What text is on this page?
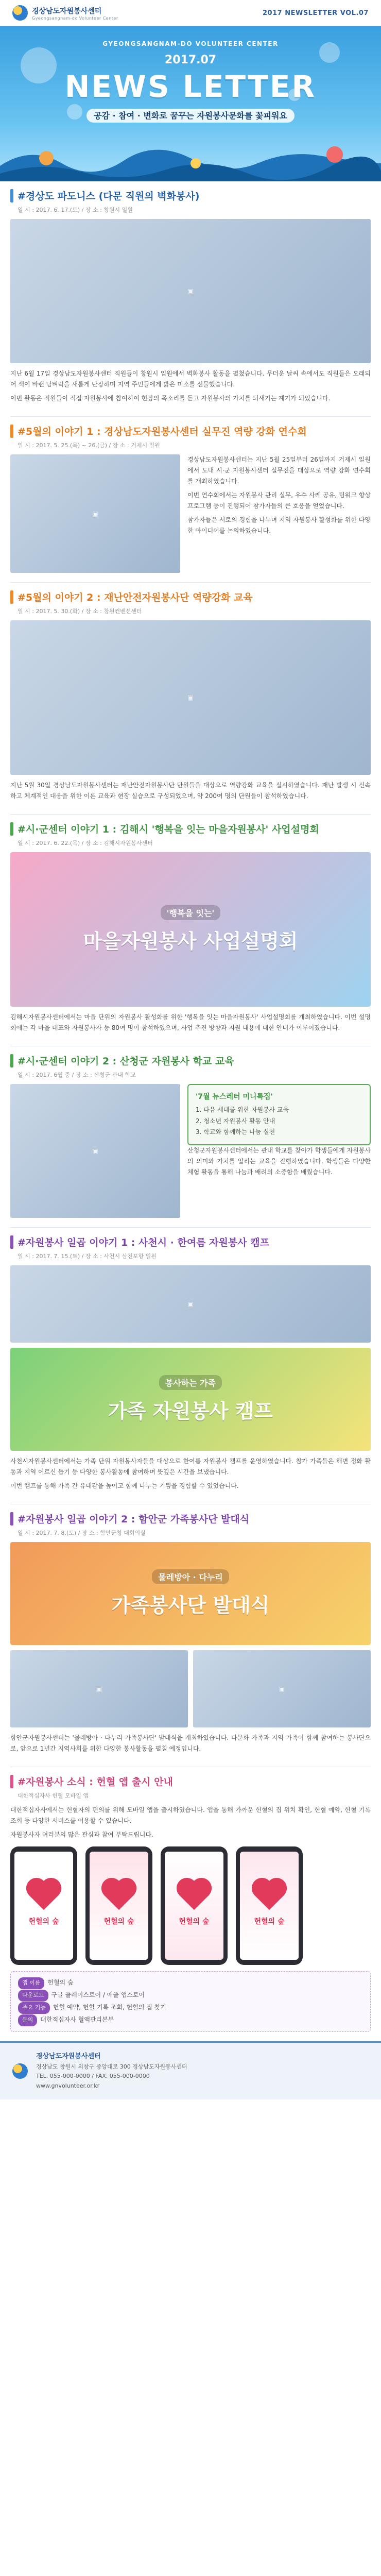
경상남도자원봉사센터
Gyeongsangnam-do Volunteer Center
2017 NEWSLETTER VOL.07
GYEONGSANGNAM-DO VOLUNTEER CENTER
2017.07
NEWS LETTER
공감 · 참여 · 변화로 꿈꾸는 자원봉사문화를 꽃피워요
#경상도 파도니스 (다문 직원의 벽화봉사)
일 시 : 2017. 6. 17.(토) / 장 소 : 창원시 일원
▣

지난 6월 17일 경상남도자원봉사센터 직원들이 창원시 일원에서 벽화봉사 활동을 펼쳤습니다. 무더운 날씨 속에서도 직원들은 오래되어 색이 바랜 담벼락을 새롭게 단장하며 지역 주민들에게 밝은 미소를 선물했습니다.

이번 활동은 직원들이 직접 자원봉사에 참여하여 현장의 목소리를 듣고 자원봉사의 가치를 되새기는 계기가 되었습니다.

#5월의 이야기 1 : 경상남도자원봉사센터 실무진 역량 강화 연수회
일 시 : 2017. 5. 25.(목) ~ 26.(금) / 장 소 : 거제시 일원
▣

경상남도자원봉사센터는 지난 5월 25일부터 26일까지 거제시 일원에서 도내 시·군 자원봉사센터 실무진을 대상으로 역량 강화 연수회를 개최하였습니다.

이번 연수회에서는 자원봉사 관리 실무, 우수 사례 공유, 팀워크 향상 프로그램 등이 진행되어 참가자들의 큰 호응을 얻었습니다.

참가자들은 서로의 경험을 나누며 지역 자원봉사 활성화를 위한 다양한 아이디어를 논의하였습니다.

#5월의 이야기 2 : 재난안전자원봉사단 역량강화 교육
일 시 : 2017. 5. 30.(화) / 장 소 : 창원컨벤션센터
▣

지난 5월 30일 경상남도자원봉사센터는 재난안전자원봉사단 단원들을 대상으로 역량강화 교육을 실시하였습니다. 재난 발생 시 신속하고 체계적인 대응을 위한 이론 교육과 현장 실습으로 구성되었으며, 약 200여 명의 단원들이 참석하였습니다.

#시·군센터 이야기 1 : 김해시 '행복을 잇는 마을자원봉사' 사업설명회
일 시 : 2017. 6. 22.(목) / 장 소 : 김해시자원봉사센터
'행복을 잇는'
마을자원봉사 사업설명회

김해시자원봉사센터에서는 마을 단위의 자원봉사 활성화를 위한 '행복을 잇는 마을자원봉사' 사업설명회를 개최하였습니다. 이번 설명회에는 각 마을 대표와 자원봉사자 등 80여 명이 참석하였으며, 사업 추진 방향과 지원 내용에 대한 안내가 이루어졌습니다.

#시·군센터 이야기 2 : 산청군 자원봉사 학교 교육
일 시 : 2017. 6월 중 / 장 소 : 산청군 관내 학교
▣
'7월 뉴스레터 미니특집'
1. 다음 세대를 위한 자원봉사 교육
2. 청소년 자원봉사 활동 안내
3. 학교와 함께하는 나눔 실천

산청군자원봉사센터에서는 관내 학교를 찾아가 학생들에게 자원봉사의 의미와 가치를 알리는 교육을 진행하였습니다. 학생들은 다양한 체험 활동을 통해 나눔과 배려의 소중함을 배웠습니다.

#자원봉사 일곱 이야기 1 : 사천시 · 한여름 자원봉사 캠프
일 시 : 2017. 7. 15.(토) / 장 소 : 사천시 삼천포항 일원
▣
봉사하는 가족
가족 자원봉사 캠프

사천시자원봉사센터에서는 가족 단위 자원봉사자들을 대상으로 한여름 자원봉사 캠프를 운영하였습니다. 참가 가족들은 해변 정화 활동과 지역 어르신 돕기 등 다양한 봉사활동에 참여하며 뜻깊은 시간을 보냈습니다.

이번 캠프를 통해 가족 간 유대감을 높이고 함께 나누는 기쁨을 경험할 수 있었습니다.

#자원봉사 일곱 이야기 2 : 함안군 가족봉사단 발대식
일 시 : 2017. 7. 8.(토) / 장 소 : 함안군청 대회의실
물레방아 · 다누리
가족봉사단 발대식
▣	▣

함안군자원봉사센터는 '물레방아 · 다누리 가족봉사단' 발대식을 개최하였습니다. 다문화 가족과 지역 가족이 함께 참여하는 봉사단으로, 앞으로 1년간 지역사회를 위한 다양한 봉사활동을 펼칠 예정입니다.

#자원봉사 소식 : 헌혈 앱 출시 안내
대한적십자사 헌혈 모바일 앱

대한적십자사에서는 헌혈자의 편의를 위해 모바일 앱을 출시하였습니다. 앱을 통해 가까운 헌혈의 집 위치 확인, 헌혈 예약, 헌혈 기록 조회 등 다양한 서비스를 이용할 수 있습니다.

자원봉사자 여러분의 많은 관심과 참여 부탁드립니다.

헌혈의 숲	헌혈의 숲	헌혈의 숲	헌혈의 숲
앱 이름 헌혈의 숲
다운로드 구글 플레이스토어 / 애플 앱스토어
주요 기능 헌혈 예약, 헌혈 기록 조회, 헌혈의 집 찾기
문의 대한적십자사 혈액관리본부
경상남도자원봉사센터
경상남도 창원시 의창구 중앙대로 300 경상남도자원봉사센터
TEL. 055-000-0000 / FAX. 055-000-0000
www.gnvolunteer.or.kr
